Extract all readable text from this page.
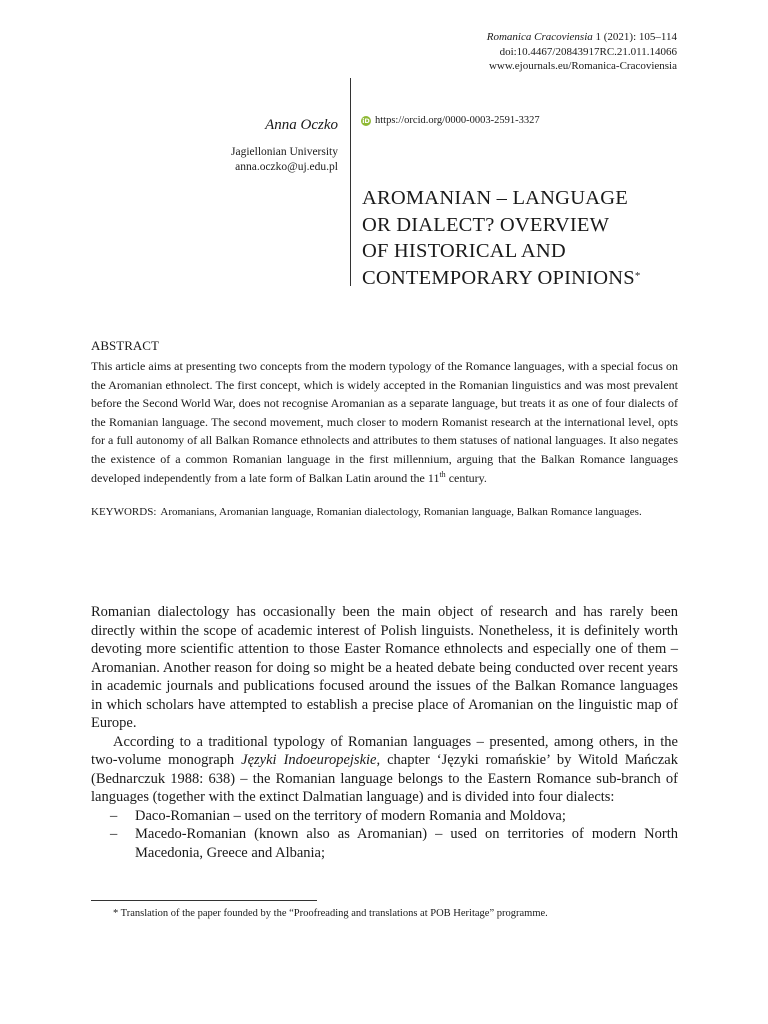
Romanica Cracoviensia 1 (2021): 105–114
doi:10.4467/20843917RC.21.011.14066
www.ejournals.eu/Romanica-Cracoviensia
Anna Oczko
Jagiellonian University
anna.oczko@uj.edu.pl
iD https://orcid.org/0000-0003-2591-3327
AROMANIAN – LANGUAGE
OR DIALECT? OVERVIEW
OF HISTORICAL AND
CONTEMPORARY OPINIONS*
ABSTRACT

This article aims at presenting two concepts from the modern typology of the Romance languages, with a special focus on the Aromanian ethnolect. The first concept, which is widely accepted in the Romanian linguistics and was most prevalent before the Second World War, does not recognise Aromanian as a separate language, but treats it as one of four dialects of the Romanian language. The second movement, much closer to modern Romanist research at the international level, opts for a full autonomy of all Balkan Romance ethnolects and attributes to them statuses of national languages. It also negates the existence of a common Romanian language in the first millennium, arguing that the Balkan Romance languages developed independently from a late form of Balkan Latin around the 11th century.

KEYWORDS: Aromanians, Aromanian language, Romanian dialectology, Romanian language, Balkan Romance languages.

Romanian dialectology has occasionally been the main object of research and has rarely been directly within the scope of academic interest of Polish linguists. Nonetheless, it is definitely worth devoting more scientific attention to those Easter Romance ethnolects and especially one of them – Aromanian. Another reason for doing so might be a heated debate being conducted over recent years in academic journals and publications focused around the issues of the Balkan Romance languages in which scholars have attempted to establish a precise place of Aromanian on the linguistic map of Europe.

According to a traditional typology of Romanian languages – presented, among others, in the two-volume monograph Języki Indoeuropejskie, chapter ‘Języki romańskie’ by Witold Mańczak (Bednarczuk 1988: 638) – the Romanian language belongs to the Eastern Romance sub-branch of languages (together with the extinct Dalmatian language) and is divided into four dialects:

– Daco-Romanian – used on the territory of modern Romania and Moldova;
– Macedo-Romanian (known also as Aromanian) – used on territories of modern North Macedonia, Greece and Albania;
* Translation of the paper founded by the “Proofreading and translations at POB Heritage” programme.
